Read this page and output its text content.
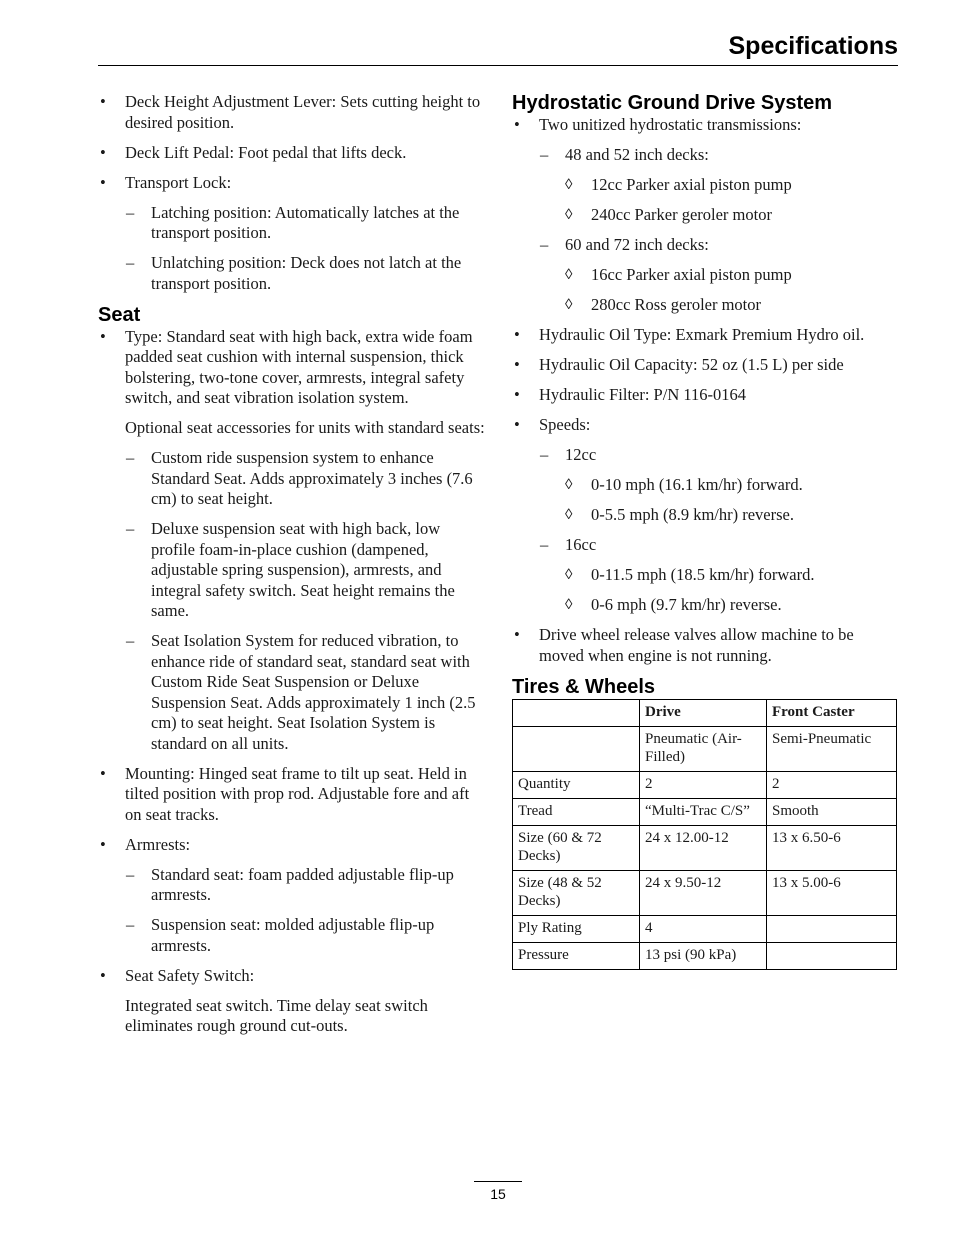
Specifications
• Deck Height Adjustment Lever: Sets cutting height to desired position.
• Deck Lift Pedal: Foot pedal that lifts deck.
• Transport Lock:
– Latching position: Automatically latches at the transport position.
– Unlatching position: Deck does not latch at the transport position.
Seat
• Type: Standard seat with high back, extra wide foam padded seat cushion with internal suspension, thick bolstering, two-tone cover, armrests, integral safety switch, and seat vibration isolation system.
Optional seat accessories for units with standard seats:
– Custom ride suspension system to enhance Standard Seat. Adds approximately 3 inches (7.6 cm) to seat height.
– Deluxe suspension seat with high back, low profile foam-in-place cushion (dampened, adjustable spring suspension), armrests, and integral safety switch. Seat height remains the same.
– Seat Isolation System for reduced vibration, to enhance ride of standard seat, standard seat with Custom Ride Seat Suspension or Deluxe Suspension Seat. Adds approximately 1 inch (2.5 cm) to seat height. Seat Isolation System is standard on all units.
• Mounting: Hinged seat frame to tilt up seat. Held in tilted position with prop rod. Adjustable fore and aft on seat tracks.
• Armrests:
– Standard seat: foam padded adjustable flip-up armrests.
– Suspension seat: molded adjustable flip-up armrests.
• Seat Safety Switch:
Integrated seat switch. Time delay seat switch eliminates rough ground cut-outs.
Hydrostatic Ground Drive System
• Two unitized hydrostatic transmissions:
– 48 and 52 inch decks:
◊ 12cc Parker axial piston pump
◊ 240cc Parker geroler motor
– 60 and 72 inch decks:
◊ 16cc Parker axial piston pump
◊ 280cc Ross geroler motor
• Hydraulic Oil Type: Exmark Premium Hydro oil.
• Hydraulic Oil Capacity: 52 oz (1.5 L) per side
• Hydraulic Filter: P/N 116-0164
• Speeds:
– 12cc
◊ 0-10 mph (16.1 km/hr) forward.
◊ 0-5.5 mph (8.9 km/hr) reverse.
– 16cc
◊ 0-11.5 mph (18.5 km/hr) forward.
◊ 0-6 mph (9.7 km/hr) reverse.
• Drive wheel release valves allow machine to be moved when engine is not running.
Tires & Wheels
	Drive	Front Caster
	Pneumatic (Air-Filled)	Semi-Pneumatic
Quantity	2	2
Tread	“Multi-Trac C/S”	Smooth
Size (60 & 72 Decks)	24 x 12.00-12	13 x 6.50-6
Size (48 & 52 Decks)	24 x 9.50-12	13 x 5.00-6
Ply Rating	4	
Pressure	13 psi (90 kPa)	
15
